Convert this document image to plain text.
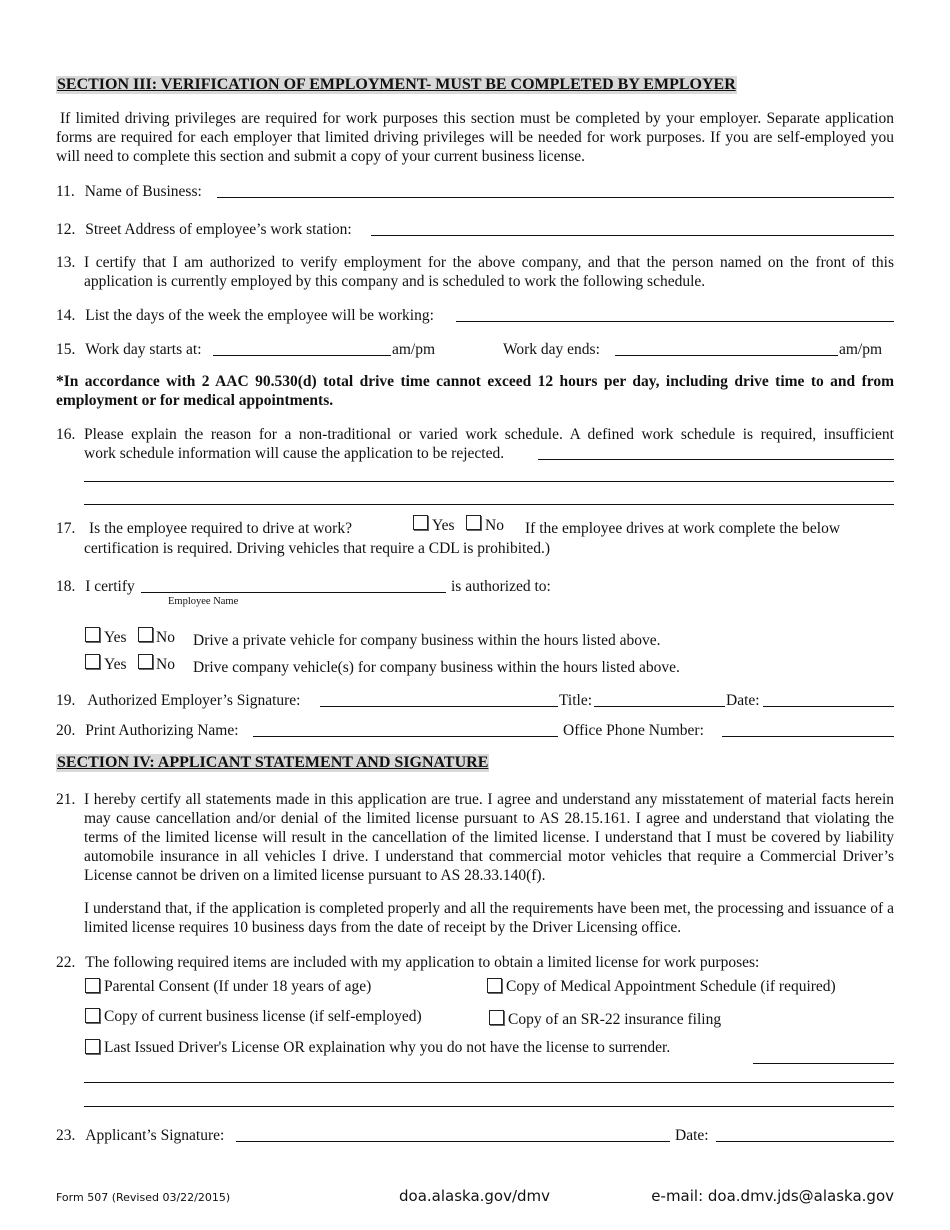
SECTION III: VERIFICATION OF EMPLOYMENT- MUST BE COMPLETED BY EMPLOYER
If limited driving privileges are required for work purposes this section must be completed by your employer. Separate application forms are required for each employer that limited driving privileges will be needed for work purposes. If you are self-employed you will need to complete this section and submit a copy of your current business license.
11. Name of Business:
12. Street Address of employee’s work station:
13. I certify that I am authorized to verify employment for the above company, and that the person named on the front of this application is currently employed by this company and is scheduled to work the following schedule.
14. List the days of the week the employee will be working:
15. Work day starts at:	am/pm	Work day ends:	am/pm
*In accordance with 2 AAC 90.530(d) total drive time cannot exceed 12 hours per day, including drive time to and from employment or for medical appointments.
16. Please explain the reason for a non-traditional or varied work schedule. A defined work schedule is required, insufficient
work schedule information will cause the application to be rejected.
17. Is the employee required to drive at work?	Yes No If the employee drives at work complete the below
certification is required. Driving vehicles that require a CDL is prohibited.)
18. I certify	is authorized to:
Employee Name
Yes No Drive a private vehicle for company business within the hours listed above.
Yes No Drive company vehicle(s) for company business within the hours listed above.
19. Authorized Employer’s Signature:	Title:	Date:
20. Print Authorizing Name:	Office Phone Number:
SECTION IV: APPLICANT STATEMENT AND SIGNATURE
21. I hereby certify all statements made in this application are true. I agree and understand any misstatement of material facts herein may cause cancellation and/or denial of the limited license pursuant to AS 28.15.161. I agree and understand that violating the terms of the limited license will result in the cancellation of the limited license. I understand that I must be covered by liability automobile insurance in all vehicles I drive. I understand that commercial motor vehicles that require a Commercial Driver’s License cannot be driven on a limited license pursuant to AS 28.33.140(f).
I understand that, if the application is completed properly and all the requirements have been met, the processing and issuance of a limited license requires 10 business days from the date of receipt by the Driver Licensing office.
22. The following required items are included with my application to obtain a limited license for work purposes:
Parental Consent (If under 18 years of age)	Copy of Medical Appointment Schedule (if required)
Copy of current business license (if self-employed)	Copy of an SR-22 insurance filing
Last Issued Driver's License OR explaination why you do not have the license to surrender.
23. Applicant’s Signature:	Date:
Form 507 (Revised 03/22/2015)	doa.alaska.gov/dmv	e-mail: doa.dmv.jds@alaska.gov
